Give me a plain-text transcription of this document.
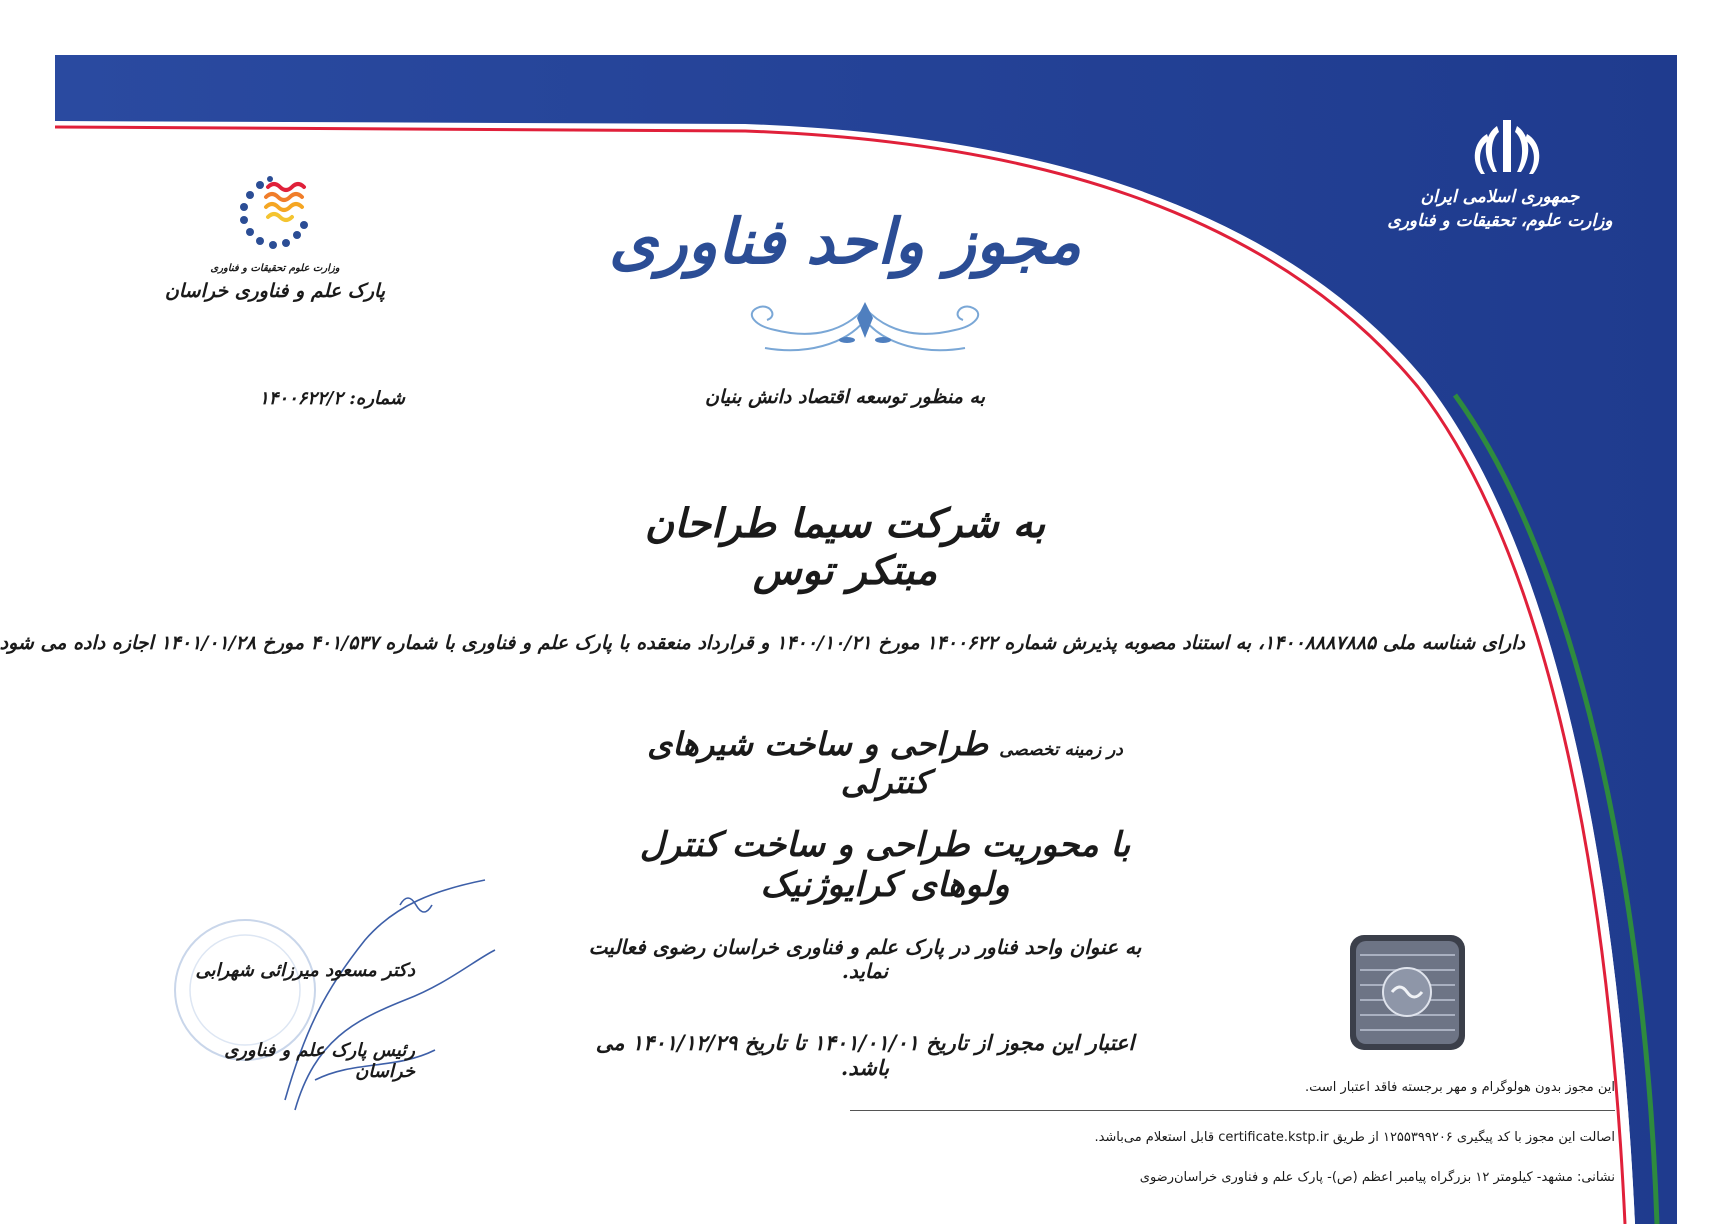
جمهوری اسلامی ایران
وزارت علوم، تحقیقات و فناوری
وزارت علوم تحقیقات و فناوری
پارک علم و فناوری خراسان
شماره: ۱۴۰۰۶۲۲/۲
مجوز واحد فناوری
به منظور توسعه اقتصاد دانش بنیان
به شرکت سیما طراحان مبتکر توس
دارای شناسه ملی ۱۴۰۰۸۸۸۷۸۸۵، به استناد مصوبه پذیرش شماره ۱۴۰۰۶۲۲ مورخ ۱۴۰۰/۱۰/۲۱ و قرارداد منعقده با پارک علم و فناوری با شماره ۴۰۱/۵۳۷ مورخ ۱۴۰۱/۰۱/۲۸ اجازه داده می شود
در زمینه تخصصی طراحی و ساخت شیرهای کنترلی
با محوریت طراحی و ساخت کنترل ولوهای کرایوژنیک
به عنوان واحد فناور در پارک علم و فناوری خراسان رضوی فعالیت نماید.
اعتبار این مجوز از تاریخ ۱۴۰۱/۰۱/۰۱ تا تاریخ ۱۴۰۱/۱۲/۲۹ می باشد.
دکتر مسعود میرزائی شهرابی
رئیس پارک علم و فناوری خراسان
این مجوز بدون هولوگرام و مهر برجسته فاقد اعتبار است.
اصالت این مجوز با کد پیگیری ۱۲۵۵۳۹۹۲۰۶ از طریق certificate.kstp.ir قابل استعلام می‌باشد.
نشانی: مشهد- کیلومتر ۱۲ بزرگراه پیامبر اعظم (ص)- پارک علم و فناوری خراسان‌رضوی
